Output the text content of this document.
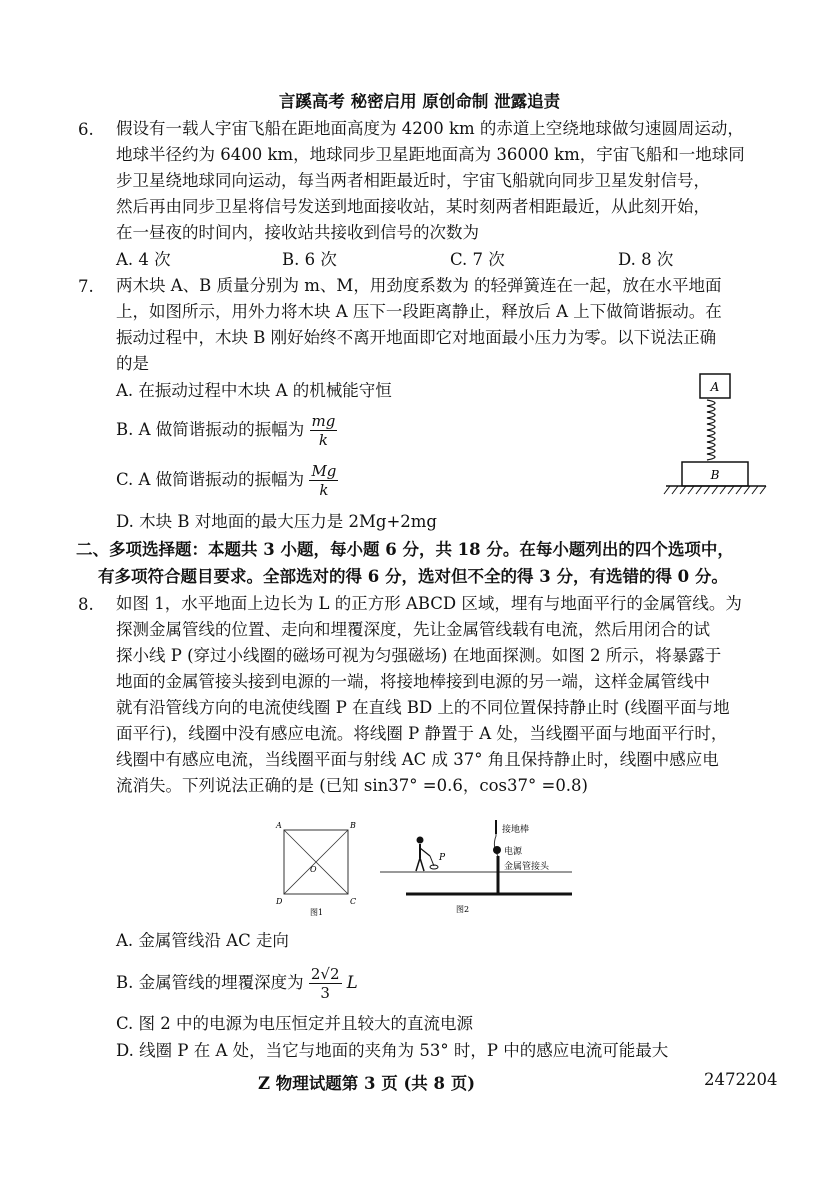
言蹊高考 秘密启用 原创命制 泄露追责
6. 假设有一载人宇宙飞船在距地面高度为 4200 km 的赤道上空绕地球做匀速圆周运动，
地球半径约为 6400 km，地球同步卫星距地面高为 36000 km，宇宙飞船和一地球同
步卫星绕地球同向运动，每当两者相距最近时，宇宙飞船就向同步卫星发射信号，
然后再由同步卫星将信号发送到地面接收站，某时刻两者相距最近，从此刻开始，
在一昼夜的时间内，接收站共接收到信号的次数为
A. 4 次	B. 6 次	C. 7 次	D. 8 次
7. 两木块 A、B 质量分别为 m、M，用劲度系数为 的轻弹簧连在一起，放在水平地面
上，如图所示，用外力将木块 A 压下一段距离静止，释放后 A 上下做简谐振动。在
振动过程中，木块 B 刚好始终不离开地面即它对地面最小压力为零。以下说法正确
的是
A. 在振动过程中木块 A 的机械能守恒
B. A 做简谐振动的振幅为 $\frac{mg}{k}$
C. A 做简谐振动的振幅为 $\frac{Mg}{k}$
D. 木块 B 对地面的最大压力是 2Mg+2mg
A
B
二、多项选择题：本题共 3 小题，每小题 6 分，共 18 分。在每小题列出的四个选项中，
有多项符合题目要求。全部选对的得 6 分，选对但不全的得 3 分，有选错的得 0 分。
8. 如图 1，水平地面上边长为 L 的正方形 ABCD 区域，埋有与地面平行的金属管线。为
探测金属管线的位置、走向和埋覆深度，先让金属管线载有电流，然后用闭合的试
探小线 P (穿过小线圈的磁场可视为匀强磁场) 在地面探测。如图 2 所示，将暴露于
地面的金属管接头接到电源的一端，将接地棒接到电源的另一端，这样金属管线中
就有沿管线方向的电流使线圈 P 在直线 BD 上的不同位置保持静止时 (线圈平面与地
面平行)，线圈中没有感应电流。将线圈 P 静置于 A 处，当线圈平面与地面平行时，
线圈中有感应电流，当线圈平面与射线 AC 成 37° 角且保持静止时，线圈中感应电
流消失。下列说法正确的是 (已知 sin37° =0.6，cos37° =0.8)
A	B
C
D
O
图1
P
接地棒
电源
金属管接头
图2
A. 金属管线沿 AC 走向
B. 金属管线的埋覆深度为 $\frac{2√2}{3}$ L
C. 图 2 中的电源为电压恒定并且较大的直流电源
D. 线圈 P 在 A 处，当它与地面的夹角为 53° 时，P 中的感应电流可能最大
Z 物理试题第 3 页 (共 8 页)	2472204
